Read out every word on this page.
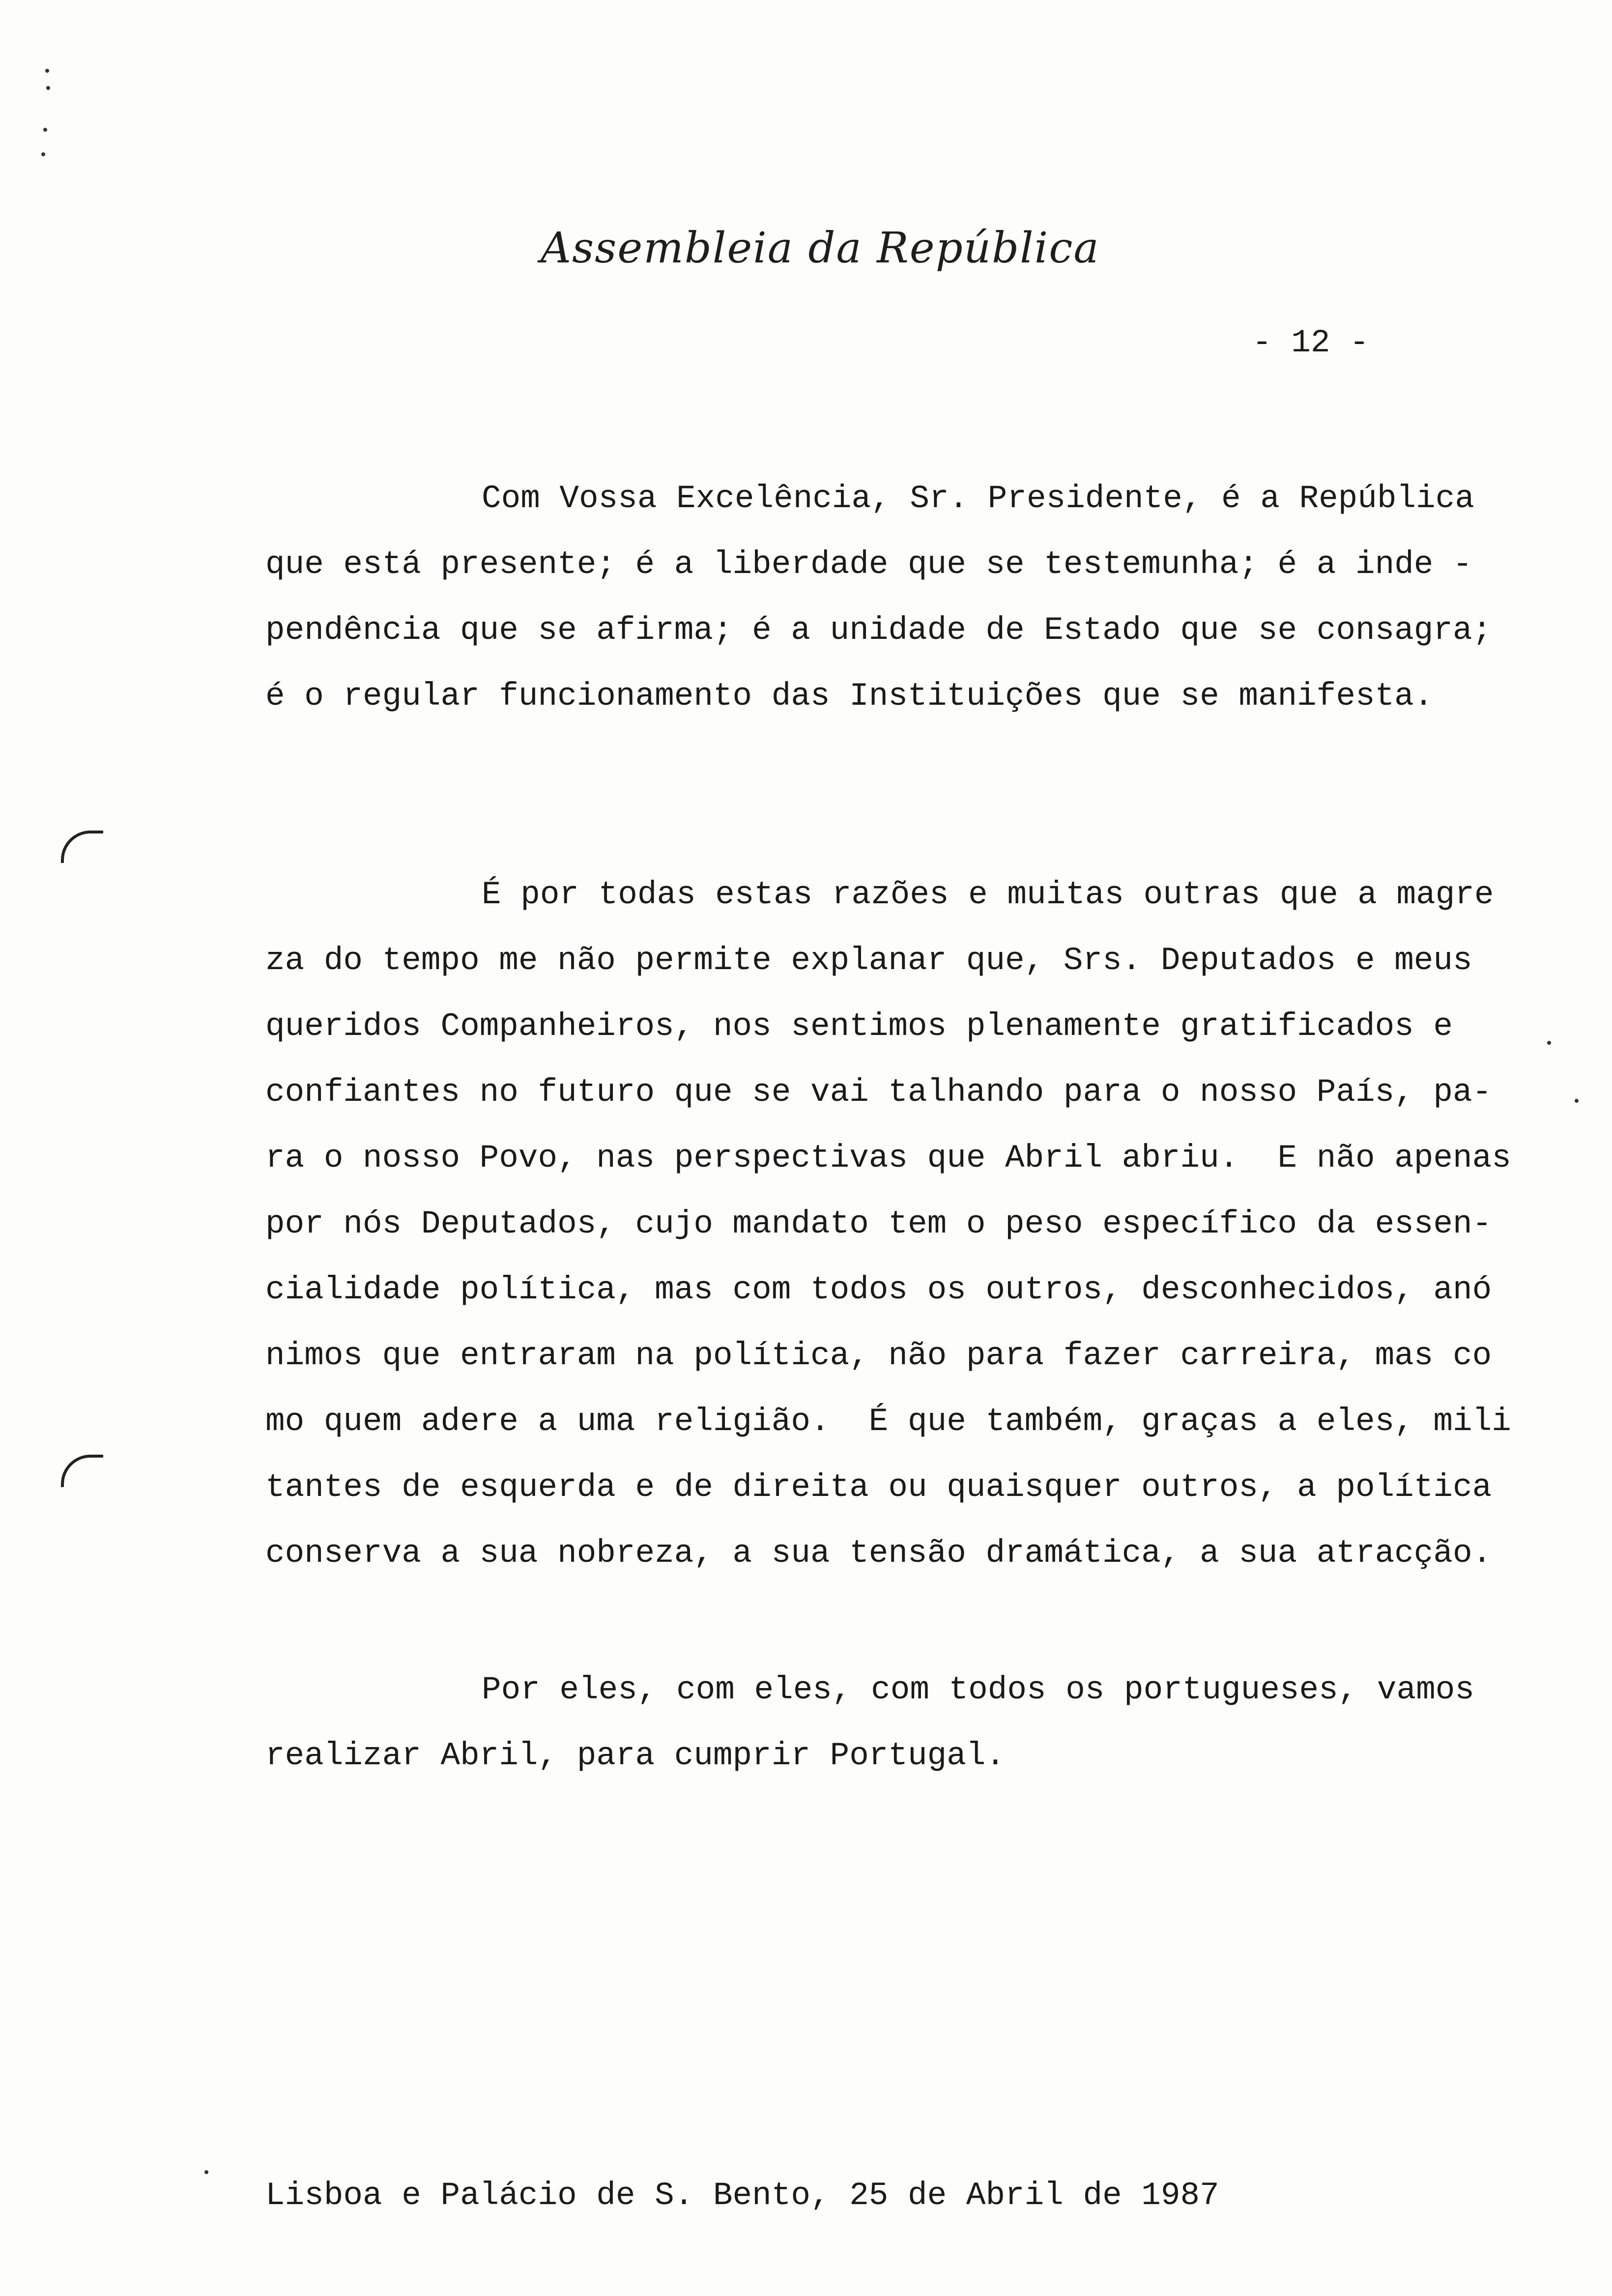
Assembleia da República
- 12 -
Com Vossa Excelência, Sr. Presidente, é a República
que está presente; é a liberdade que se testemunha; é a inde -
pendência que se afirma; é a unidade de Estado que se consagra;
é o regular funcionamento das Instituições que se manifesta.
É por todas estas razões e muitas outras que a magre
za do tempo me não permite explanar que, Srs. Deputados e meus
queridos Companheiros, nos sentimos plenamente gratificados e
confiantes no futuro que se vai talhando para o nosso País, pa-
ra o nosso Povo, nas perspectivas que Abril abriu.  E não apenas
por nós Deputados, cujo mandato tem o peso específico da essen-
cialidade política, mas com todos os outros, desconhecidos, anó
nimos que entraram na política, não para fazer carreira, mas co
mo quem adere a uma religião.  É que também, graças a eles, mili
tantes de esquerda e de direita ou quaisquer outros, a política
conserva a sua nobreza, a sua tensão dramática, a sua atracção.
Por eles, com eles, com todos os portugueses, vamos
realizar Abril, para cumprir Portugal.
Lisboa e Palácio de S. Bento, 25 de Abril de 1987
